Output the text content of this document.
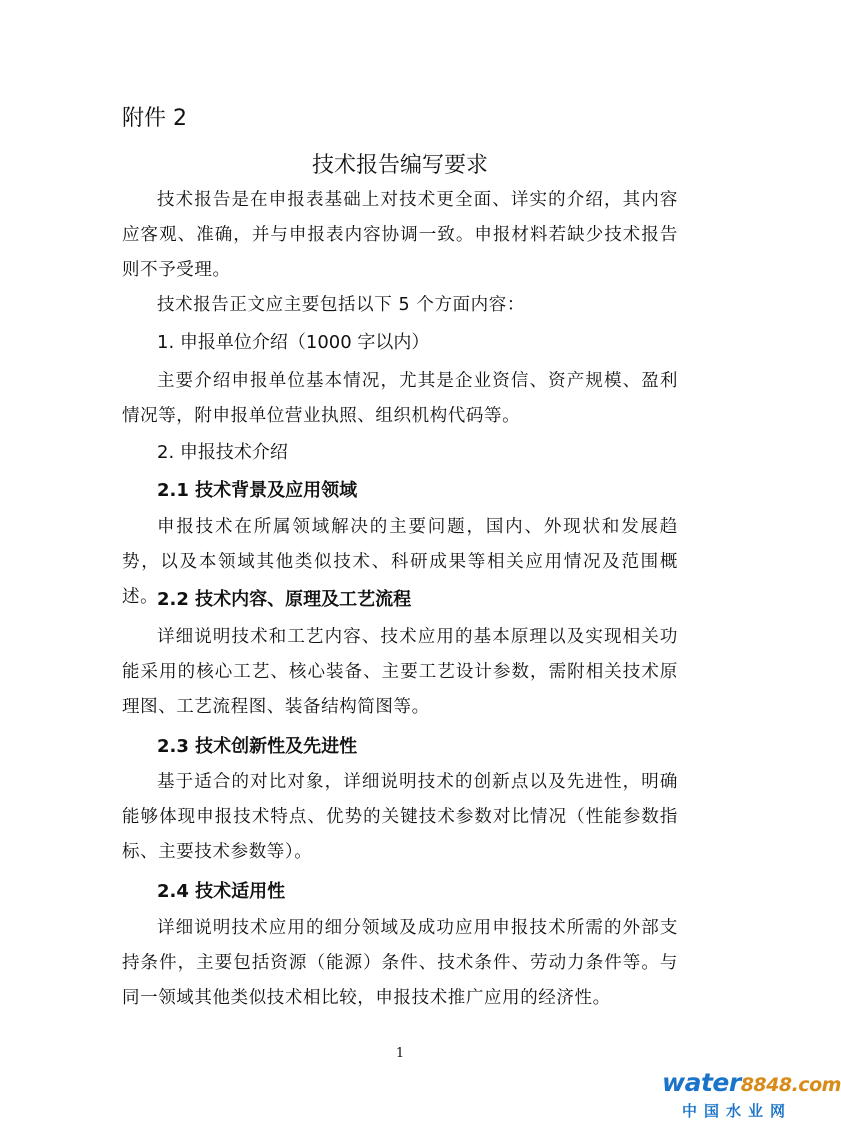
附件 2
技术报告编写要求

技术报告是在申报表基础上对技术更全面、详实的介绍，其内容应客观、准确，并与申报表内容协调一致。申报材料若缺少技术报告则不予受理。

技术报告正文应主要包括以下 5 个方面内容：

1. 申报单位介绍（1000 字以内）

主要介绍申报单位基本情况，尤其是企业资信、资产规模、盈利情况等，附申报单位营业执照、组织机构代码等。

2. 申报技术介绍

2.1 技术背景及应用领域

申报技术在所属领域解决的主要问题，国内、外现状和发展趋势，以及本领域其他类似技术、科研成果等相关应用情况及范围概述。

2.2 技术内容、原理及工艺流程

详细说明技术和工艺内容、技术应用的基本原理以及实现相关功能采用的核心工艺、核心装备、主要工艺设计参数，需附相关技术原理图、工艺流程图、装备结构简图等。

2.3 技术创新性及先进性

基于适合的对比对象，详细说明技术的创新点以及先进性，明确能够体现申报技术特点、优势的关键技术参数对比情况（性能参数指标、主要技术参数等）。

2.4 技术适用性

详细说明技术应用的细分领域及成功应用申报技术所需的外部支持条件，主要包括资源（能源）条件、技术条件、劳动力条件等。与同一领域其他类似技术相比较，申报技术推广应用的经济性。

1
water8848.com
中国水业网
